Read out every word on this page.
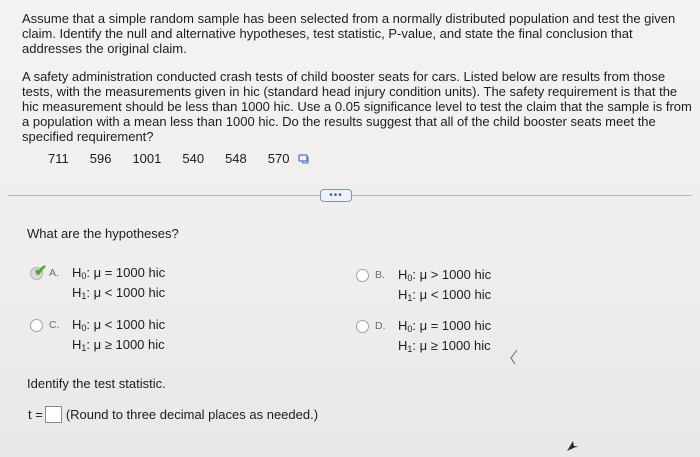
Assume that a simple random sample has been selected from a normally distributed population and test the given claim. Identify the null and alternative hypotheses, test statistic, P-value, and state the final conclusion that addresses the original claim.

A safety administration conducted crash tests of child booster seats for cars. Listed below are results from those tests, with the measurements given in hic (standard head injury condition units). The safety requirement is that the hic measurement should be less than 1000 hic. Use a 0.05 significance level to test the claim that the sample is from a population with a mean less than 1000 hic. Do the results suggest that all of the child booster seats meet the specified requirement?

711 596 1001 540 548 570
•••
What are the hypotheses?
✔ A. $H_0$: μ = 1000 hic
$H_1$: μ < 1000 hic
B. $H_0$: μ > 1000 hic
$H_1$: μ < 1000 hic
C. $H_0$: μ < 1000 hic
$H_1$: μ ≥ 1000 hic
D. $H_0$: μ = 1000 hic
$H_1$: μ ≥ 1000 hic
Identify the test statistic.
t = (Round to three decimal places as needed.)
